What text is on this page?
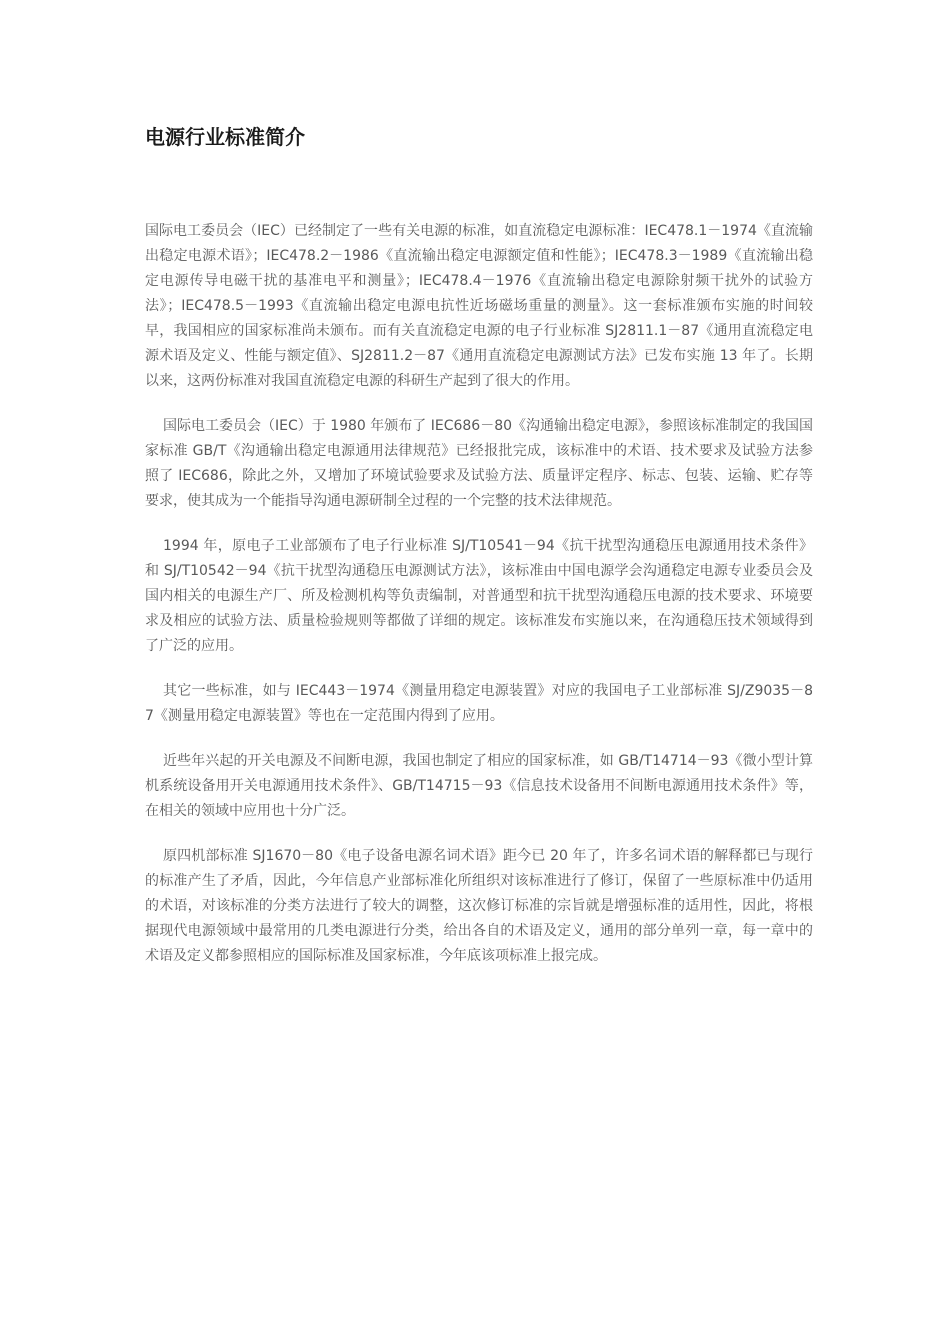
电源行业标准简介

国际电工委员会（IEC）已经制定了一些有关电源的标准，如直流稳定电源标准：IEC478.1－1974《直流输出稳定电源术语》；IEC478.2－1986《直流输出稳定电源额定值和性能》；IEC478.3－1989《直流输出稳定电源传导电磁干扰的基准电平和测量》；IEC478.4－1976《直流输出稳定电源除射频干扰外的试验方法》；IEC478.5－1993《直流输出稳定电源电抗性近场磁场重量的测量》。这一套标准颁布实施的时间较早，我国相应的国家标准尚未颁布。而有关直流稳定电源的电子行业标准 SJ2811.1－87《通用直流稳定电源术语及定义、性能与额定值》、SJ2811.2－87《通用直流稳定电源测试方法》已发布实施 13 年了。长期以来，这两份标准对我国直流稳定电源的科研生产起到了很大的作用。

国际电工委员会（IEC）于 1980 年颁布了 IEC686－80《沟通输出稳定电源》，参照该标准制定的我国国家标准 GB/T《沟通输出稳定电源通用法律规范》已经报批完成，该标准中的术语、技术要求及试验方法参照了 IEC686，除此之外，又增加了环境试验要求及试验方法、质量评定程序、标志、包装、运输、贮存等要求，使其成为一个能指导沟通电源研制全过程的一个完整的技术法律规范。

1994 年，原电子工业部颁布了电子行业标准 SJ/T10541－94《抗干扰型沟通稳压电源通用技术条件》和 SJ/T10542－94《抗干扰型沟通稳压电源测试方法》，该标准由中国电源学会沟通稳定电源专业委员会及国内相关的电源生产厂、所及检测机构等负责编制，对普通型和抗干扰型沟通稳压电源的技术要求、环境要求及相应的试验方法、质量检验规则等都做了详细的规定。该标准发布实施以来，在沟通稳压技术领域得到了广泛的应用。

其它一些标准，如与 IEC443－1974《测量用稳定电源装置》对应的我国电子工业部标准 SJ/Z9035－87《测量用稳定电源装置》等也在一定范围内得到了应用。

近些年兴起的开关电源及不间断电源，我国也制定了相应的国家标准，如 GB/T14714－93《微小型计算机系统设备用开关电源通用技术条件》、GB/T14715－93《信息技术设备用不间断电源通用技术条件》等，在相关的领域中应用也十分广泛。

原四机部标准 SJ1670－80《电子设备电源名词术语》距今已 20 年了，许多名词术语的解释都已与现行的标准产生了矛盾，因此，今年信息产业部标准化所组织对该标准进行了修订，保留了一些原标准中仍适用的术语，对该标准的分类方法进行了较大的调整，这次修订标准的宗旨就是增强标准的适用性，因此，将根据现代电源领域中最常用的几类电源进行分类，给出各自的术语及定义，通用的部分单列一章，每一章中的术语及定义都参照相应的国际标准及国家标准，今年底该项标准上报完成。
